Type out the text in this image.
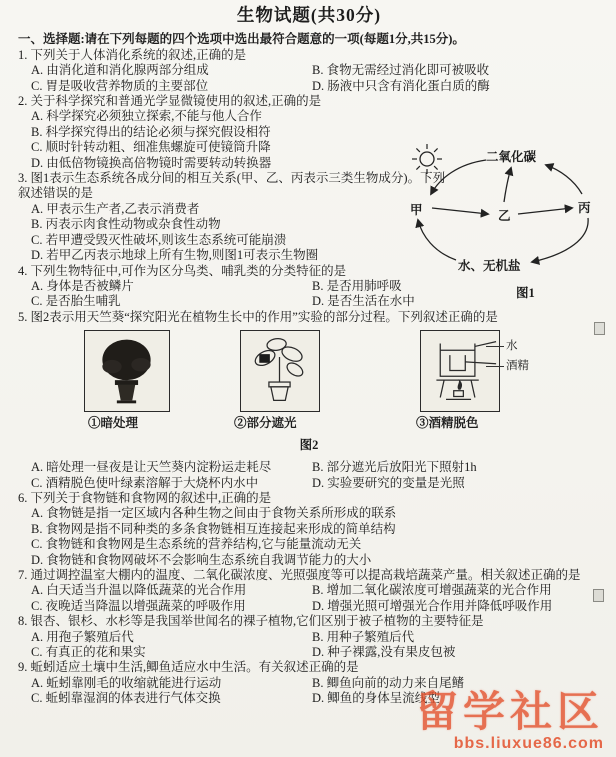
生物试题(共30分)

一、选择题:请在下列每题的四个选项中选出最符合题意的一项(每题1分,共15分)。

1. 下列关于人体消化系统的叙述,正确的是
A. 由消化道和消化腺两部分组成	B. 食物无需经过消化即可被吸收
C. 胃是吸收营养物质的主要部位	D. 肠液中只含有消化蛋白质的酶
2. 关于科学探究和普通光学显微镜使用的叙述,正确的是
A. 科学探究必须独立探索,不能与他人合作
B. 科学探究得出的结论必须与探究假设相符
C. 顺时针转动粗、细准焦螺旋可使镜筒升降
D. 由低倍物镜换高倍物镜时需要转动转换器
3. 图1表示生态系统各成分间的相互关系(甲、乙、丙表示三类生物成分)。下列叙述错误的是
A. 甲表示生产者,乙表示消费者
B. 丙表示肉食性动物或杂食性动物
C. 若甲遭受毁灭性破坏,则该生态系统可能崩溃
D. 若甲乙丙表示地球上所有生物,则图1可表示生物圈
4. 下列生物特征中,可作为区分鸟类、哺乳类的分类特征的是
A. 身体是否被鳞片	B. 是否用肺呼吸
C. 是否胎生哺乳	D. 是否生活在水中
5. 图2表示用天竺葵“探究阳光在植物生长中的作用”实验的部分过程。下列叙述正确的是
①暗处理	②部分遮光	③酒精脱色
水
酒精
图2
A. 暗处理一昼夜是让天竺葵内淀粉运走耗尽	B. 部分遮光后放阳光下照射1h
C. 酒精脱色使叶绿素溶解于大烧杯内水中	D. 实验要研究的变量是光照
6. 下列关于食物链和食物网的叙述中,正确的是
A. 食物链是指一定区域内各种生物之间由于食物关系所形成的联系
B. 食物网是指不同种类的多条食物链相互连接起来形成的简单结构
C. 食物链和食物网是生态系统的营养结构,它与能量流动无关
D. 食物链和食物网破坏不会影响生态系统自我调节能力的大小
7. 通过调控温室大棚内的温度、二氧化碳浓度、光照强度等可以提高栽培蔬菜产量。相关叙述正确的是
A. 白天适当升温以降低蔬菜的光合作用	B. 增加二氧化碳浓度可增强蔬菜的光合作用
C. 夜晚适当降温以增强蔬菜的呼吸作用	D. 增强光照可增强光合作用并降低呼吸作用
8. 银杏、银杉、水杉等是我国举世闻名的裸子植物,它们区别于被子植物的主要特征是
A. 用孢子繁殖后代	B. 用种子繁殖后代
C. 有真正的花和果实	D. 种子裸露,没有果皮包被
9. 蚯蚓适应土壤中生活,鲫鱼适应水中生活。有关叙述正确的是
A. 蚯蚓靠刚毛的收缩就能进行运动	B. 鲫鱼向前的动力来自尾鳍
C. 蚯蚓靠湿润的体表进行气体交换	D. 鲫鱼的身体呈流线型
二氧化碳
甲	乙
丙
水、无机盐
图1
留学社区
bbs.liuxue86.com
